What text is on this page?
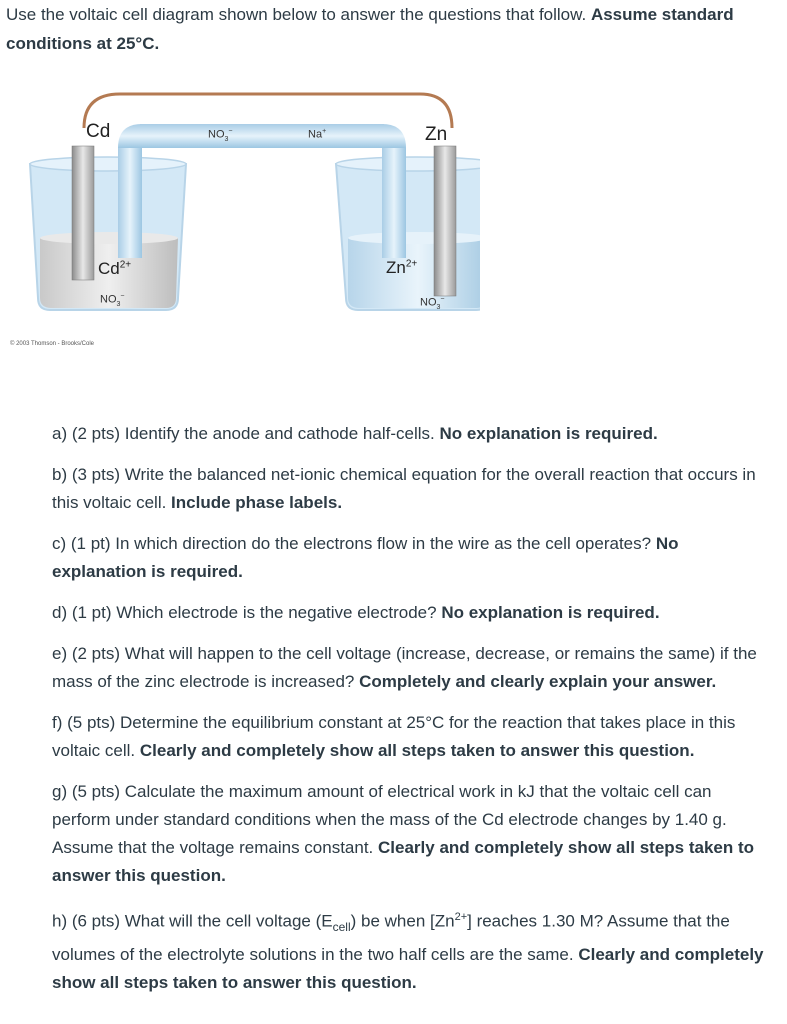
Use the voltaic cell diagram shown below to answer the questions that follow. Assume standard conditions at 25°C.
Cd	Zn
$NO_3^-$	Na+
$Cd^{2+}$
$NO_3^-$
$Zn^{2+}$
$NO_3^-$
© 2003 Thomson - Brooks/Cole

a) (2 pts) Identify the anode and cathode half-cells. No explanation is required.

b) (3 pts) Write the balanced net-ionic chemical equation for the overall reaction that occurs in this voltaic cell. Include phase labels.

c) (1 pt) In which direction do the electrons flow in the wire as the cell operates? No explanation is required.

d) (1 pt) Which electrode is the negative electrode? No explanation is required.

e) (2 pts) What will happen to the cell voltage (increase, decrease, or remains the same) if the mass of the zinc electrode is increased? Completely and clearly explain your answer.

f) (5 pts) Determine the equilibrium constant at 25°C for the reaction that takes place in this voltaic cell. Clearly and completely show all steps taken to answer this question.

g) (5 pts) Calculate the maximum amount of electrical work in kJ that the voltaic cell can perform under standard conditions when the mass of the Cd electrode changes by 1.40 g. Assume that the voltage remains constant. Clearly and completely show all steps taken to answer this question.

h) (6 pts) What will the cell voltage $(E_{cell})$ be when $[Zn^{2+}]$ reaches 1.30 M? Assume that the volumes of the electrolyte solutions in the two half cells are the same. Clearly and completely show all steps taken to answer this question.
